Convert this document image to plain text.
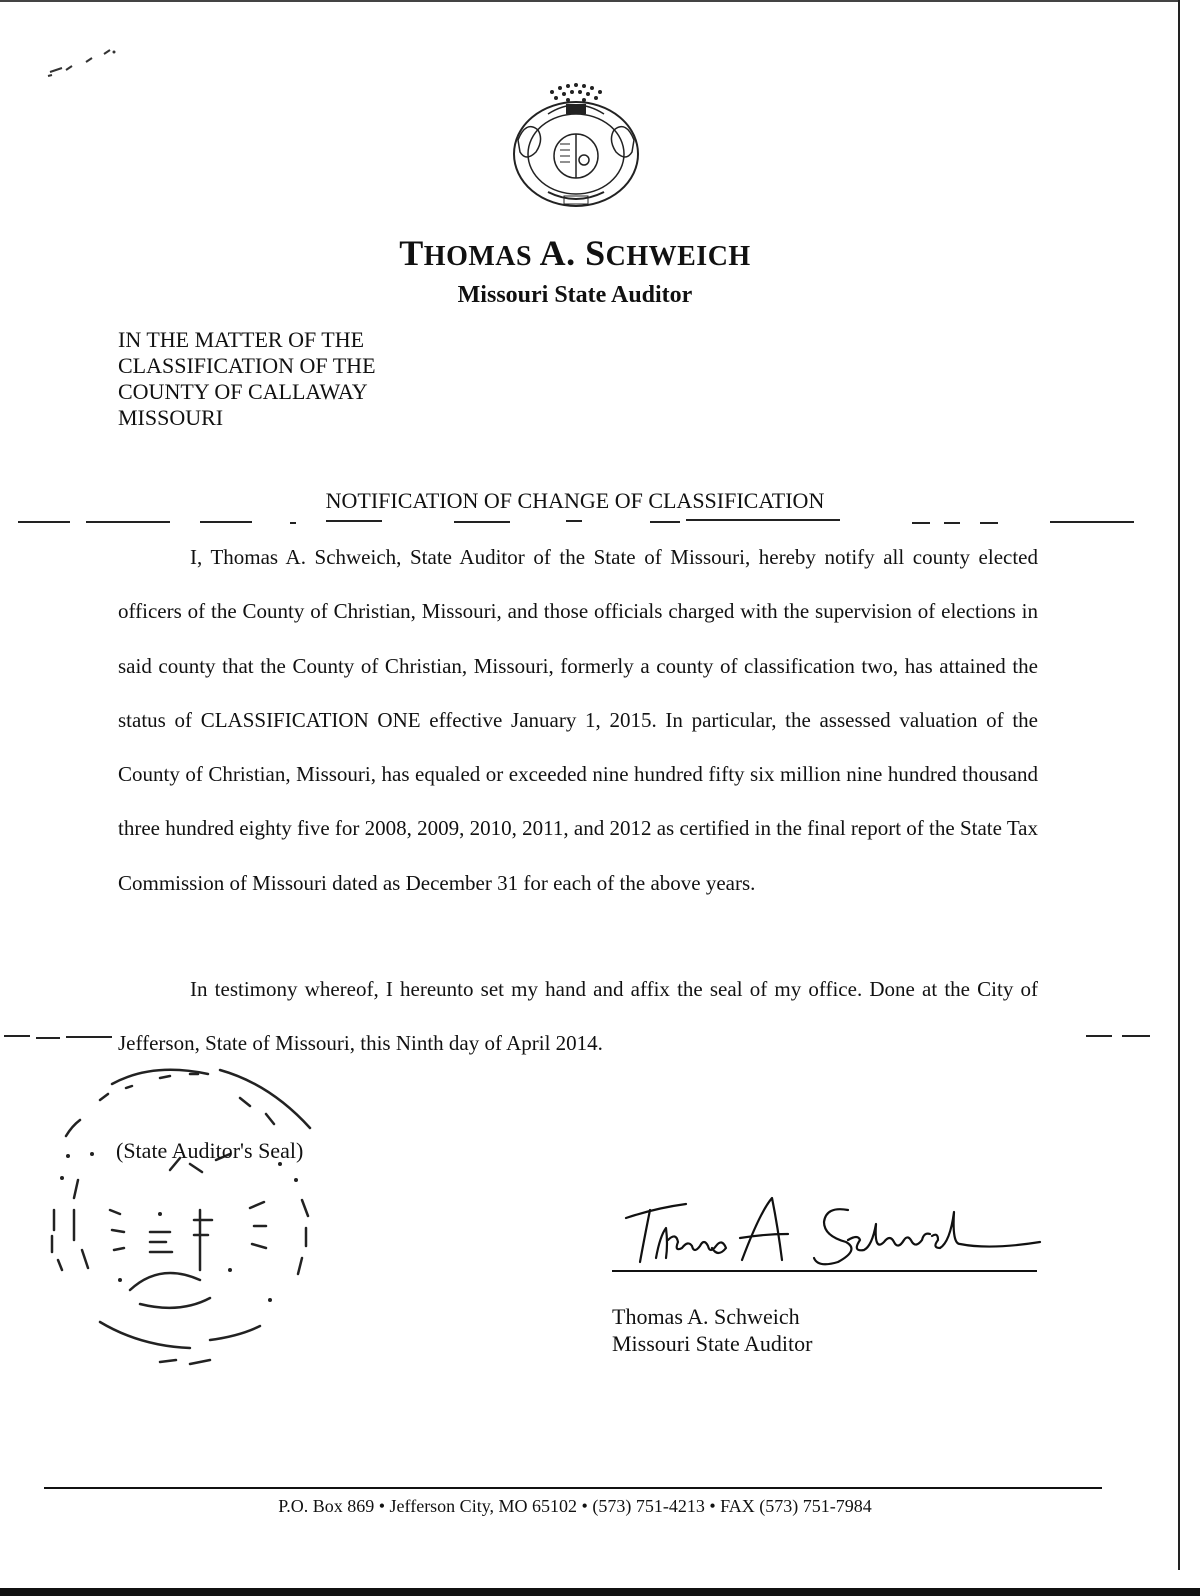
THOMAS A. SCHWEICH
Missouri State Auditor
IN THE MATTER OF THE
CLASSIFICATION OF THE
COUNTY OF CALLAWAY
MISSOURI
NOTIFICATION OF CHANGE OF CLASSIFICATION
I, Thomas A. Schweich, State Auditor of the State of Missouri, hereby notify all county elected officers of the County of Christian, Missouri, and those officials charged with the supervision of elections in said county that the County of Christian, Missouri, formerly a county of classification two, has attained the status of CLASSIFICATION ONE effective January 1, 2015. In particular, the assessed valuation of the County of Christian, Missouri, has equaled or exceeded nine hundred fifty six million nine hundred thousand three hundred eighty five for 2008, 2009, 2010, 2011, and 2012 as certified in the final report of the State Tax Commission of Missouri dated as December 31 for each of the above years.
In testimony whereof, I hereunto set my hand and affix the seal of my office. Done at the City of Jefferson, State of Missouri, this Ninth day of April 2014.
(State Auditor's Seal)
Thomas A. Schweich
Missouri State Auditor
P.O. Box 869 • Jefferson City, MO 65102 • (573) 751-4213 • FAX (573) 751-7984
